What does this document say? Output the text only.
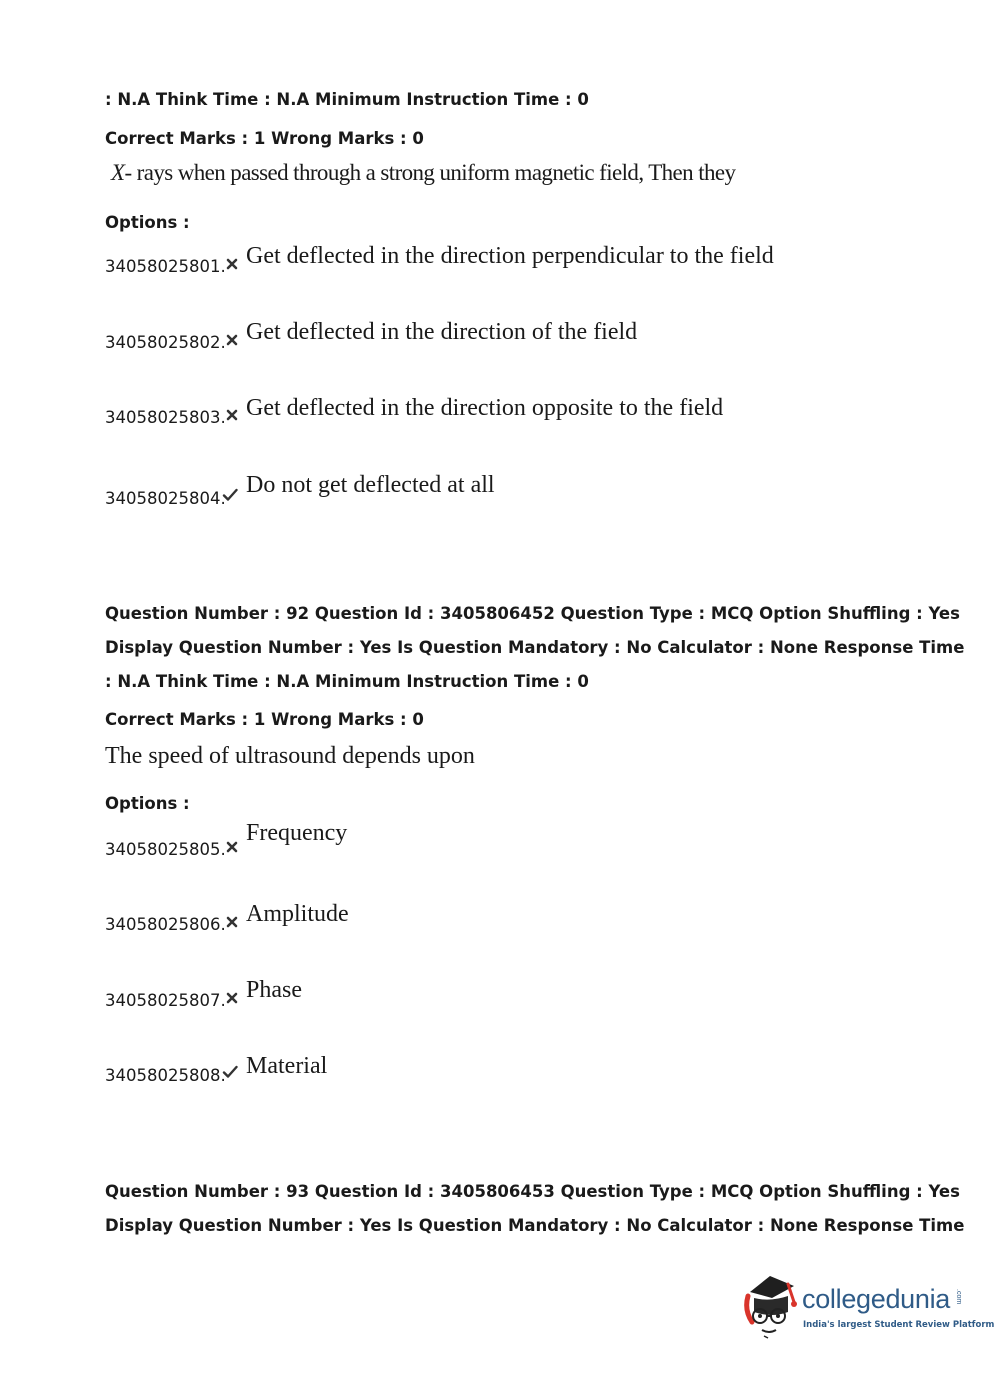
: N.A Think Time : N.A Minimum Instruction Time : 0
Correct Marks : 1 Wrong Marks : 0
X- rays when passed through a strong uniform magnetic field, Then they
Options :
34058025801. Get deflected in the direction perpendicular to the field
34058025802. Get deflected in the direction of the field
34058025803. Get deflected in the direction opposite to the field
34058025804.
Do not get deflected at all
Question Number : 92 Question Id : 3405806452 Question Type : MCQ Option Shuffling : Yes
Display Question Number : Yes Is Question Mandatory : No Calculator : None Response Time
: N.A Think Time : N.A Minimum Instruction Time : 0
Correct Marks : 1 Wrong Marks : 0
The speed of ultrasound depends upon
Options :
34058025805.
Frequency
34058025806. Amplitude
34058025807. Phase
34058025808. Material
Question Number : 93 Question Id : 3405806453 Question Type : MCQ Option Shuffling : Yes
Display Question Number : Yes Is Question Mandatory : No Calculator : None Response Time
collegedunia .com
India's largest Student Review Platform
